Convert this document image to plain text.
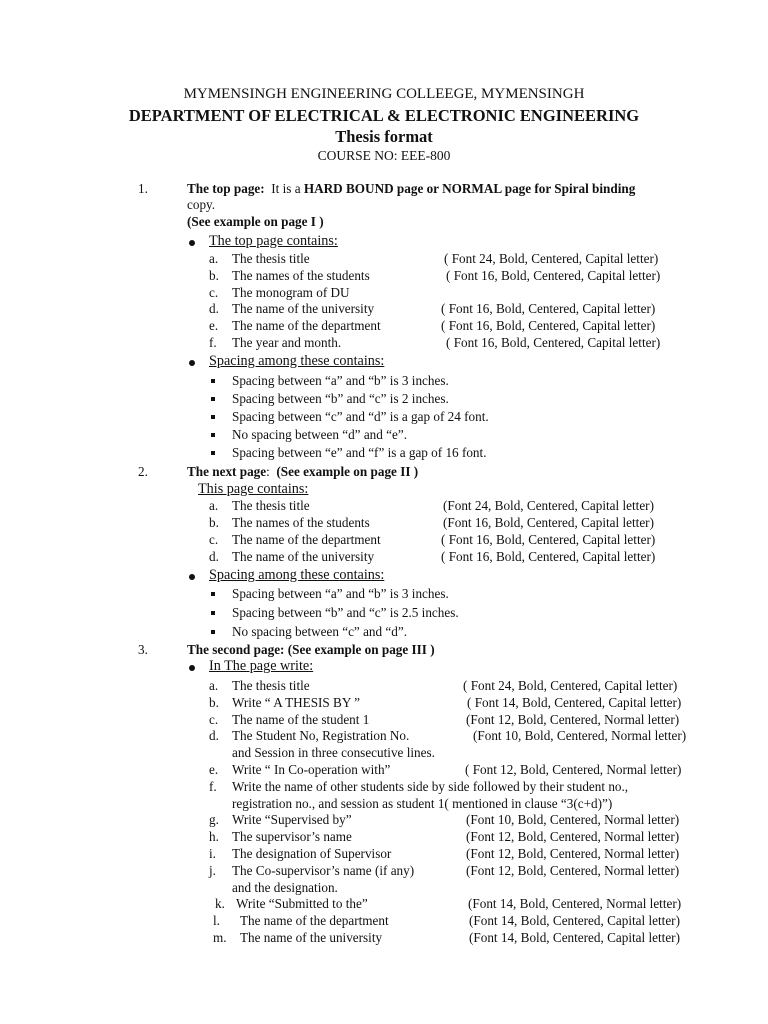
MYMENSINGH ENGINEERING COLLEEGE, MYMENSINGH
DEPARTMENT OF ELECTRICAL & ELECTRONIC ENGINEERING
Thesis format
COURSE NO: EEE-800
1.	The top page: It is a HARD BOUND page or NORMAL page for Spiral binding
copy.
(See example on page I )
The top page contains:
a. The thesis title	( Font 24, Bold, Centered, Capital letter)
b. The names of the students	( Font 16, Bold, Centered, Capital letter)
c. The monogram of DU
d. The name of the university	( Font 16, Bold, Centered, Capital letter)
e. The name of the department	( Font 16, Bold, Centered, Capital letter)
f. The year and month.	( Font 16, Bold, Centered, Capital letter)
Spacing among these contains:
Spacing between “a” and “b” is 3 inches.
Spacing between “b” and “c” is 2 inches.
Spacing between “c” and “d” is a gap of 24 font.
No spacing between “d” and “e”.
Spacing between “e” and “f” is a gap of 16 font.
2.	The next page: (See example on page II )
This page contains:
a. The thesis title	(Font 24, Bold, Centered, Capital letter)
b. The names of the students	(Font 16, Bold, Centered, Capital letter)
c. The name of the department	( Font 16, Bold, Centered, Capital letter)
d. The name of the university	( Font 16, Bold, Centered, Capital letter)
Spacing among these contains:
Spacing between “a” and “b” is 3 inches.
Spacing between “b” and “c” is 2.5 inches.
No spacing between “c” and “d”.
3.	The second page: (See example on page III )
In The page write:
a. The thesis title	( Font 24, Bold, Centered, Capital letter)
b. Write “ A THESIS BY ”	( Font 14, Bold, Centered, Capital letter)
c. The name of the student 1	(Font 12, Bold, Centered, Normal letter)
d. The Student No, Registration No.	(Font 10, Bold, Centered, Normal letter)
and Session in three consecutive lines.
e. Write “ In Co-operation with”	( Font 12, Bold, Centered, Normal letter)
f. Write the name of other students side by side followed by their student no.,
registration no., and session as student 1( mentioned in clause “3(c+d)”)
g. Write “Supervised by”	(Font 10, Bold, Centered, Normal letter)
h. The supervisor’s name	(Font 12, Bold, Centered, Normal letter)
i. The designation of Supervisor	(Font 12, Bold, Centered, Normal letter)
j. The Co-supervisor’s name (if any)	(Font 12, Bold, Centered, Normal letter)
and the designation.
k. Write “Submitted to the”	(Font 14, Bold, Centered, Normal letter)
l. The name of the department	(Font 14, Bold, Centered, Capital letter)
m. The name of the university	(Font 14, Bold, Centered, Capital letter)
